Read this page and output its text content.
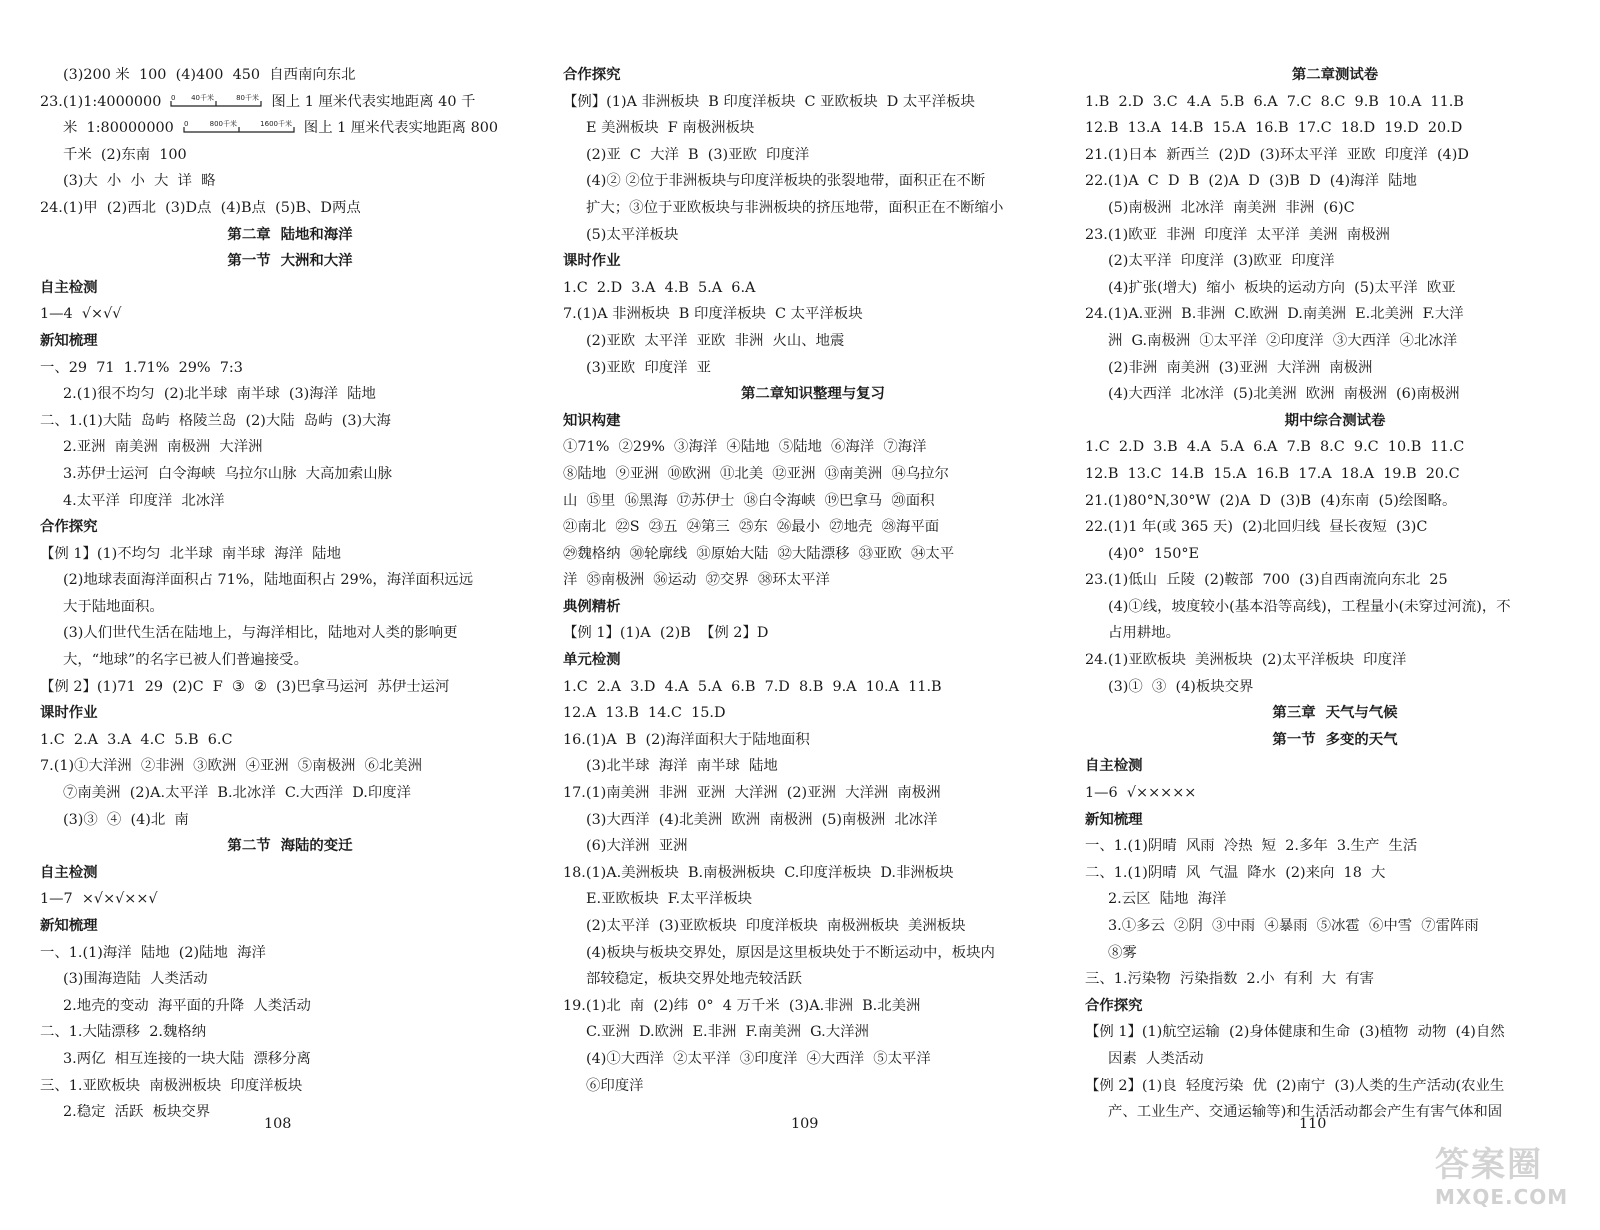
(3)200 米  100  (4)400  450  自西南向东北
23.(1)1:4000000 0 40千米	80千米 图上 1 厘米代表实地距离 40 千
米  1:80000000 0	800千米	1600千米 图上 1 厘米代表实地距离 800
千米  (2)东南  100
(3)大  小  小  大  详  略
24.(1)甲  (2)西北  (3)D点  (4)B点  (5)B、D两点
第二章  陆地和海洋
第一节  大洲和大洋
自主检测
1—4  √×√√
新知梳理
一、29  71  1.71%  29%  7:3
2.(1)很不均匀  (2)北半球  南半球  (3)海洋  陆地
二、1.(1)大陆  岛屿  格陵兰岛  (2)大陆  岛屿  (3)大海
2.亚洲  南美洲  南极洲  大洋洲
3.苏伊士运河  白令海峡  乌拉尔山脉  大高加索山脉
4.太平洋  印度洋  北冰洋
合作探究
【例 1】(1)不均匀  北半球  南半球  海洋  陆地
(2)地球表面海洋面积占 71%，陆地面积占 29%，海洋面积远远
大于陆地面积。
(3)人们世代生活在陆地上，与海洋相比，陆地对人类的影响更
大，“地球”的名字已被人们普遍接受。
【例 2】(1)71  29  (2)C  F  ③  ②  (3)巴拿马运河  苏伊士运河
课时作业
1.C  2.A  3.A  4.C  5.B  6.C
7.(1)①大洋洲  ②非洲  ③欧洲  ④亚洲  ⑤南极洲  ⑥北美洲
⑦南美洲  (2)A.太平洋  B.北冰洋  C.大西洋  D.印度洋
(3)③  ④  (4)北  南
第二节  海陆的变迁
自主检测
1—7  ×√×√××√
新知梳理
一、1.(1)海洋  陆地  (2)陆地  海洋
(3)围海造陆  人类活动
2.地壳的变动  海平面的升降  人类活动
二、1.大陆漂移  2.魏格纳
3.两亿  相互连接的一块大陆  漂移分离
三、1.亚欧板块  南极洲板块  印度洋板块
2.稳定  活跃  板块交界
合作探究
【例】(1)A 非洲板块  B 印度洋板块  C 亚欧板块  D 太平洋板块
E 美洲板块  F 南极洲板块
(2)亚  C  大洋  B  (3)亚欧  印度洋
(4)② ②位于非洲板块与印度洋板块的张裂地带，面积正在不断
扩大；③位于亚欧板块与非洲板块的挤压地带，面积正在不断缩小
(5)太平洋板块
课时作业
1.C  2.D  3.A  4.B  5.A  6.A
7.(1)A 非洲板块  B 印度洋板块  C 太平洋板块
(2)亚欧  太平洋  亚欧  非洲  火山、地震
(3)亚欧  印度洋  亚
第二章知识整理与复习
知识构建
①71%  ②29%  ③海洋  ④陆地  ⑤陆地  ⑥海洋  ⑦海洋
⑧陆地  ⑨亚洲  ⑩欧洲  ⑪北美  ⑫亚洲  ⑬南美洲  ⑭乌拉尔
山  ⑮里  ⑯黑海  ⑰苏伊士  ⑱白令海峡  ⑲巴拿马  ⑳面积
㉑南北  ㉒S  ㉓五  ㉔第三  ㉕东  ㉖最小  ㉗地壳  ㉘海平面
㉙魏格纳  ㉚轮廓线  ㉛原始大陆  ㉜大陆漂移  ㉝亚欧  ㉞太平
洋  ㉟南极洲  ㊱运动  ㊲交界  ㊳环太平洋
典例精析
【例 1】(1)A  (2)B  【例 2】D
单元检测
1.C  2.A  3.D  4.A  5.A  6.B  7.D  8.B  9.A  10.A  11.B
12.A  13.B  14.C  15.D
16.(1)A  B  (2)海洋面积大于陆地面积
(3)北半球  海洋  南半球  陆地
17.(1)南美洲  非洲  亚洲  大洋洲  (2)亚洲  大洋洲  南极洲
(3)大西洋  (4)北美洲  欧洲  南极洲  (5)南极洲  北冰洋
(6)大洋洲  亚洲
18.(1)A.美洲板块  B.南极洲板块  C.印度洋板块  D.非洲板块
E.亚欧板块  F.太平洋板块
(2)太平洋  (3)亚欧板块  印度洋板块  南极洲板块  美洲板块
(4)板块与板块交界处，原因是这里板块处于不断运动中，板块内
部较稳定，板块交界处地壳较活跃
19.(1)北  南  (2)纬  0°  4 万千米  (3)A.非洲  B.北美洲
C.亚洲  D.欧洲  E.非洲  F.南美洲  G.大洋洲
(4)①大西洋  ②太平洋  ③印度洋  ④大西洋  ⑤太平洋
⑥印度洋
第二章测试卷
1.B  2.D  3.C  4.A  5.B  6.A  7.C  8.C  9.B  10.A  11.B
12.B  13.A  14.B  15.A  16.B  17.C  18.D  19.D  20.D
21.(1)日本  新西兰  (2)D  (3)环太平洋  亚欧  印度洋  (4)D
22.(1)A  C  D  B  (2)A  D  (3)B  D  (4)海洋  陆地
(5)南极洲  北冰洋  南美洲  非洲  (6)C
23.(1)欧亚  非洲  印度洋  太平洋  美洲  南极洲
(2)太平洋  印度洋  (3)欧亚  印度洋
(4)扩张(增大)  缩小  板块的运动方向  (5)太平洋  欧亚
24.(1)A.亚洲  B.非洲  C.欧洲  D.南美洲  E.北美洲  F.大洋
洲  G.南极洲  ①太平洋  ②印度洋  ③大西洋  ④北冰洋
(2)非洲  南美洲  (3)亚洲  大洋洲  南极洲
(4)大西洋  北冰洋  (5)北美洲  欧洲  南极洲  (6)南极洲
期中综合测试卷
1.C  2.D  3.B  4.A  5.A  6.A  7.B  8.C  9.C  10.B  11.C
12.B  13.C  14.B  15.A  16.B  17.A  18.A  19.B  20.C
21.(1)80°N,30°W  (2)A  D  (3)B  (4)东南  (5)绘图略。
22.(1)1 年(或 365 天)  (2)北回归线  昼长夜短  (3)C
(4)0°  150°E
23.(1)低山  丘陵  (2)鞍部  700  (3)自西南流向东北  25
(4)①线，坡度较小(基本沿等高线)，工程量小(未穿过河流)，不
占用耕地。
24.(1)亚欧板块  美洲板块  (2)太平洋板块  印度洋
(3)①  ③  (4)板块交界
第三章  天气与气候
第一节  多变的天气
自主检测
1—6  √×××××
新知梳理
一、1.(1)阴晴  风雨  冷热  短  2.多年  3.生产  生活
二、1.(1)阴晴  风  气温  降水  (2)来向  18  大
2.云区  陆地  海洋
3.①多云  ②阴  ③中雨  ④暴雨  ⑤冰雹  ⑥中雪  ⑦雷阵雨
⑧雾
三、1.污染物  污染指数  2.小  有利  大  有害
合作探究
【例 1】(1)航空运输  (2)身体健康和生命  (3)植物  动物  (4)自然
因素  人类活动
【例 2】(1)良  轻度污染  优  (2)南宁  (3)人类的生产活动(农业生
产、工业生产、交通运输等)和生活活动都会产生有害气体和固
108	109	110
答案圈
MXQE.COM
